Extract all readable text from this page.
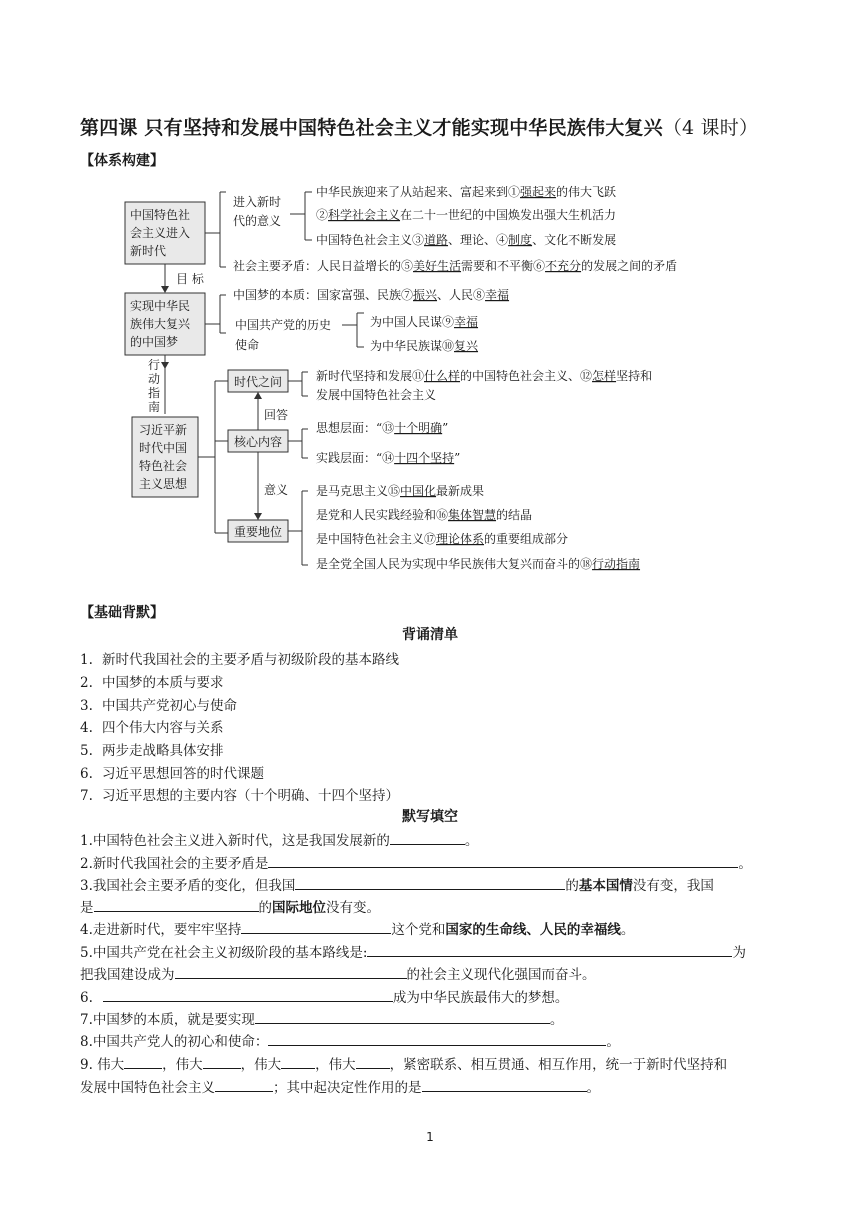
第四课 只有坚持和发展中国特色社会主义才能实现中华民族伟大复兴（4 课时）
【体系构建】
中国特色社
会主义进入
新时代
实现中华民
族伟大复兴
的中国梦
习近平新
时代中国
特色社会
主义思想
目 标
行
动
指
南
进入新时
代的意义
中华民族迎来了从站起来、富起来到①强起来的伟大飞跃
②科学社会主义在二十一世纪的中国焕发出强大生机活力
中国特色社会主义③道路、理论、④制度、文化不断发展
社会主要矛盾：人民日益增长的⑤美好生活需要和不平衡⑥不充分的发展之间的矛盾
中国梦的本质：国家富强、民族⑦振兴、人民⑧幸福
中国共产党的历史
使命
为中国人民谋⑨幸福
为中华民族谋⑩复兴
时代之问
核心内容
重要地位
回答
意义
新时代坚持和发展⑪什么样的中国特色社会主义、⑫怎样坚持和
发展中国特色社会主义
思想层面：“⑬十个明确”
实践层面：“⑭十四个坚持”
是马克思主义⑮中国化最新成果
是党和人民实践经验和⑯集体智慧的结晶
是中国特色社会主义⑰理论体系的重要组成部分
是全党全国人民为实现中华民族伟大复兴而奋斗的⑱行动指南
【基础背默】
背诵清单
1. 新时代我国社会的主要矛盾与初级阶段的基本路线
2. 中国梦的本质与要求
3. 中国共产党初心与使命
4. 四个伟大内容与关系
5. 两步走战略具体安排
6. 习近平思想回答的时代课题
7. 习近平思想的主要内容（十个明确、十四个坚持）
默写填空
1.中国特色社会主义进入新时代，这是我国发展新的	。
2.新时代我国社会的主要矛盾是	。
3.我国社会主要矛盾的变化，但我国	的基本国情没有变，我国
是	的国际地位没有变。
4.走进新时代，要牢牢坚持	这个党和国家的生命线、人民的幸福线。
5.中国共产党在社会主义初级阶段的基本路线是:	为
把我国建设成为	的社会主义现代化强国而奋斗。
6.	成为中华民族最伟大的梦想。
7.中国梦的本质，就是要实现	。
8.中国共产党人的初心和使命：	。
9. 伟大	，伟大	，伟大	，伟大	，紧密联系、相互贯通、相互作用，统一于新时代坚持和
发展中国特色社会主义	；其中起决定性作用的是	。
1
